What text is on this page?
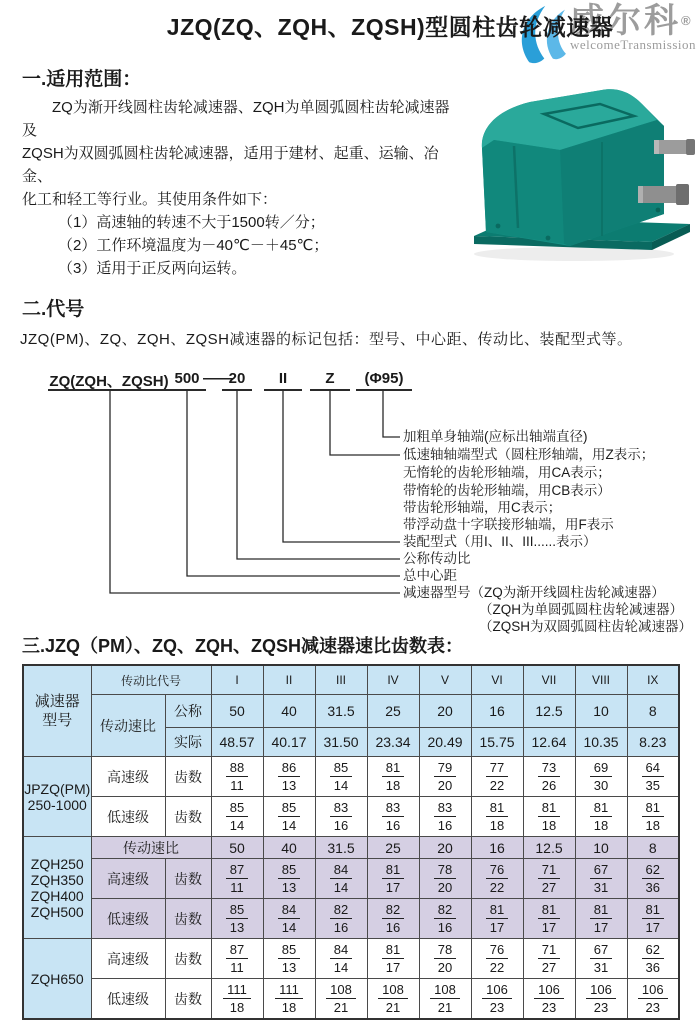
威尔科®
welcomeTransmission
JZQ(ZQ、ZQH、ZQSH)型圆柱齿轮减速器
一.适用范围：
ZQ为渐开线圆柱齿轮减速器、ZQH为单圆弧圆柱齿轮减速器及
ZQSH为双圆弧圆柱齿轮减速器，适用于建材、起重、运输、冶金、
化工和轻工等行业。其使用条件如下：
（1）高速轴的转速不大于1500转／分；
（2）工作环境温度为－40℃－＋45℃；
（3）适用于正反两向运转。
二.代号
JZQ(PM)、ZQ、ZQH、ZQSH减速器的标记包括：型号、中心距、传动比、装配型式等。
ZQ(ZQH、ZQSH) 500 ——
20	II	Z	(Φ95)
加粗单身轴端(应标出轴端直径)
低速轴轴端型式（圆柱形轴端，用Z表示；
无惰轮的齿轮形轴端，用CA表示；
带惰轮的齿轮形轴端，用CB表示）
带齿轮形轴端，用C表示；
带浮动盘十字联接形轴端，用F表示
装配型式（用I、II、III......表示）
公称传动比
总中心距
减速器型号（ZQ为渐开线圆柱齿轮减速器）
（ZQH为单圆弧圆柱齿轮减速器）
（ZQSH为双圆弧圆柱齿轮减速器）
三.JZQ（PM）、ZQ、ZQH、ZQSH减速器速比齿数表：
减速器
型号	传动比代号		I	II	III	IV	V	VI	VII	VIII	IX
	传动速比	公称	50	40	31.5	25	20	16	12.5	10	8
		实际	48.57	40.17	31.50	23.34	20.49	15.75	12.64	10.35	8.23
JPZQ(PM)
250-1000	高速级	齿数	$\frac{88}{11}$	$\frac{86}{13}$	$\frac{85}{14}$	$\frac{81}{18}$	$\frac{79}{20}$	$\frac{77}{22}$	$\frac{73}{26}$	$\frac{69}{30}$	$\frac{64}{35}$

	低速级	齿数	$\frac{85}{14}$	$\frac{85}{14}$	$\frac{83}{16}$	$\frac{83}{16}$	$\frac{83}{16}$	$\frac{81}{18}$	$\frac{81}{18}$	$\frac{81}{18}$	$\frac{81}{18}$

ZQH250
ZQH350
ZQH400
ZQH500	传动速比		50	40	31.5	25	20	16	12.5	10	8
	高速级	齿数	$\frac{87}{11}$	$\frac{85}{13}$	$\frac{84}{14}$	$\frac{81}{17}$	$\frac{78}{20}$	$\frac{76}{22}$	$\frac{71}{27}$	$\frac{67}{31}$	$\frac{62}{36}$

	低速级	齿数	$\frac{85}{13}$	$\frac{84}{14}$	$\frac{82}{16}$	$\frac{82}{16}$	$\frac{82}{16}$	$\frac{81}{17}$	$\frac{81}{17}$	$\frac{81}{17}$	$\frac{81}{17}$

ZQH650	高速级	齿数	$\frac{87}{11}$	$\frac{85}{13}$	$\frac{84}{14}$	$\frac{81}{17}$	$\frac{78}{20}$	$\frac{76}{22}$	$\frac{71}{27}$	$\frac{67}{31}$	$\frac{62}{36}$

	低速级	齿数	$\frac{111}{18}$	$\frac{111}{18}$	$\frac{108}{21}$	$\frac{108}{21}$	$\frac{108}{21}$	$\frac{106}{23}$	$\frac{106}{23}$	$\frac{106}{23}$	$\frac{106}{23}$
